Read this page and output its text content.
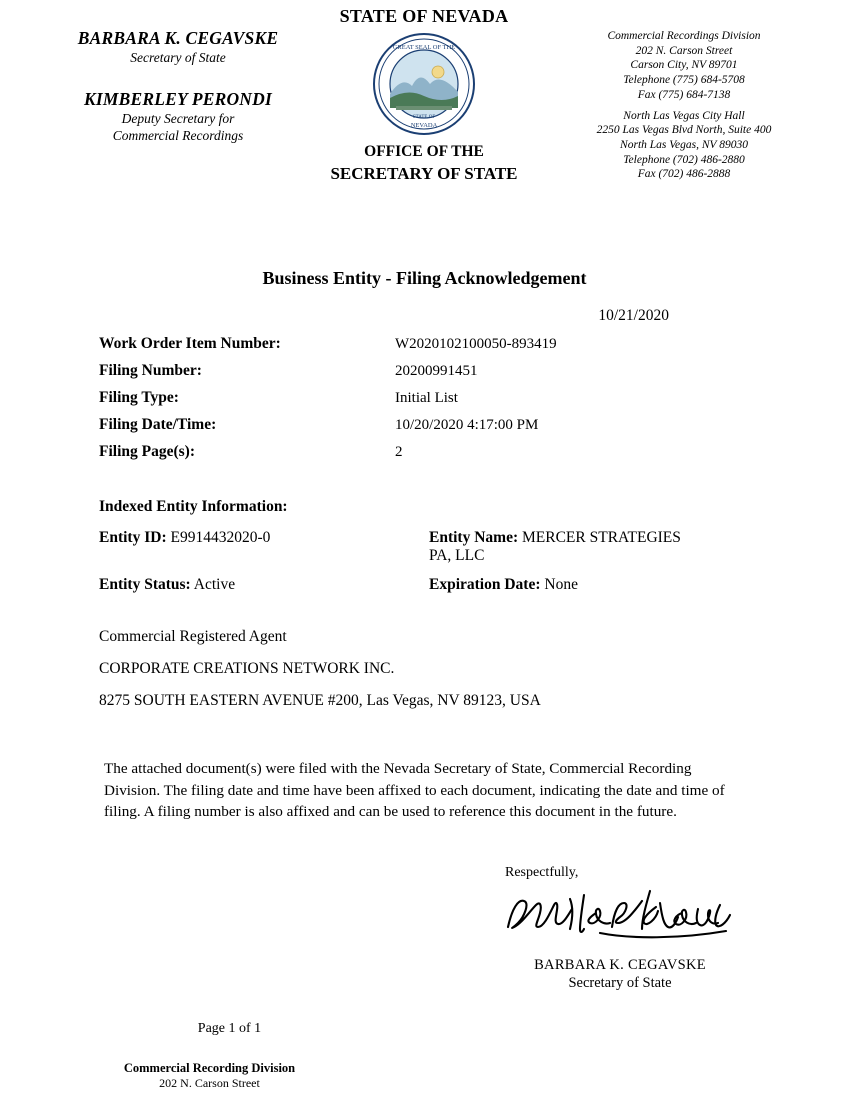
BARBARA K. CEGAVSKE
Secretary of State
KIMBERLEY PERONDI
Deputy Secretary for
Commercial Recordings
STATE OF NEVADA
GREAT SEAL OF THE
NEVADA
STATE OF
OFFICE OF THE
SECRETARY OF STATE
Commercial Recordings Division
202 N. Carson Street
Carson City, NV 89701
Telephone (775) 684-5708
Fax (775) 684-7138
North Las Vegas City Hall
2250 Las Vegas Blvd North, Suite 400
North Las Vegas, NV 89030
Telephone (702) 486-2880
Fax (702) 486-2888
Business Entity - Filing Acknowledgement
10/21/2020
Work Order Item Number:	W2020102100050-893419
Filing Number:	20200991451
Filing Type:	Initial List
Filing Date/Time:	10/20/2020 4:17:00 PM
Filing Page(s):	2
Indexed Entity Information:
Entity ID: E9914432020-0	Entity Name: MERCER STRATEGIES
PA, LLC
Entity Status: Active	Expiration Date: None
Commercial Registered Agent
CORPORATE CREATIONS NETWORK INC.
8275 SOUTH EASTERN AVENUE #200, Las Vegas, NV 89123, USA
The attached document(s) were filed with the Nevada Secretary of State, Commercial Recording Division. The filing date and time have been affixed to each document, indicating the date and time of filing. A filing number is also affixed and can be used to reference this document in the future.
Respectfully,
BARBARA K. CEGAVSKE
Secretary of State
Page 1 of 1
Commercial Recording Division
202 N. Carson Street
